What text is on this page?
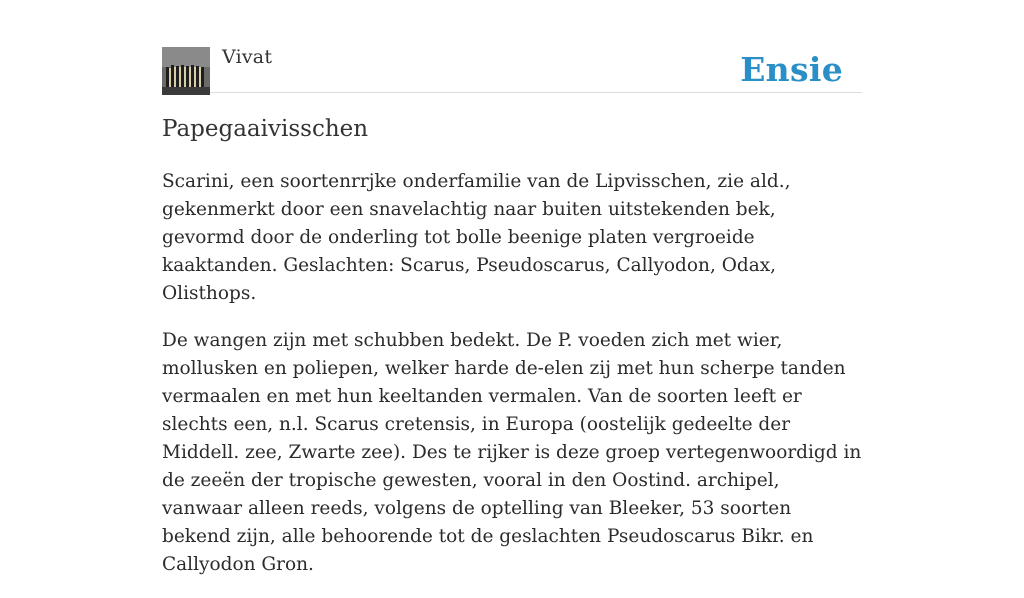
Vivat	Ensie
Papegaaivisschen

Scarini, een soortenrrjke onderfamilie van de Lipvisschen, zie ald., gekenmerkt door een snavelachtig naar buiten uitstekenden bek, gevormd door de onderling tot bolle beenige platen vergroeide kaaktanden. Geslachten: Scarus, Pseudoscarus, Callyodon, Odax, Olisthops.

De wangen zijn met schubben bedekt. De P. voeden zich met wier, mollusken en poliepen, welker harde de-elen zij met hun scherpe tanden vermaalen en met hun keeltanden vermalen. Van de soorten leeft er slechts een, n.l. Scarus cretensis, in Europa (oostelijk gedeelte der Middell. zee, Zwarte zee). Des te rijker is deze groep vertegenwoordigd in de zeeën der tropische gewesten, vooral in den Oostind. archipel, vanwaar alleen reeds, volgens de optelling van Bleeker, 53 soorten bekend zijn, alle behoorende tot de geslachten Pseudoscarus Bikr. en Callyodon Gron.
